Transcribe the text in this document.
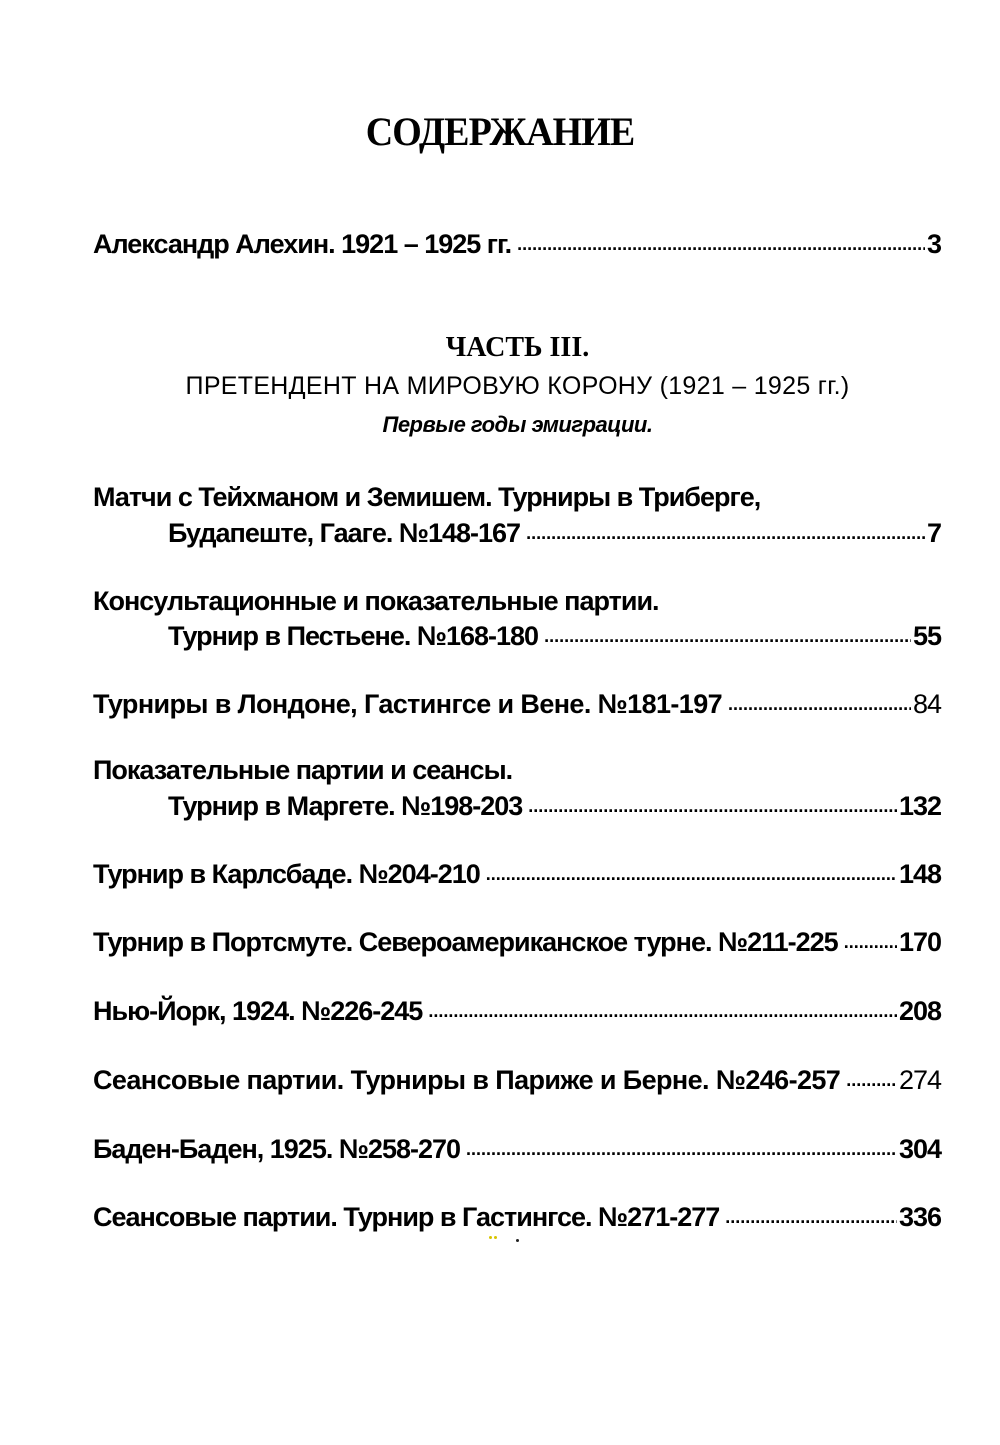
СОДЕРЖАНИЕ
Александр Алехин. 1921 – 1925 гг. .....	3
ЧАСТЬ III.
ПРЕТЕНДЕНТ НА МИРОВУЮ КОРОНУ (1921 – 1925 гг.)
Первые годы эмиграции.
Матчи с Тейхманом и Земишем. Турниры в Триберге,
Будапеште, Гааге. №148-167 .....	7
Консультационные и показательные партии.
Турнир в Пестьене. №168-180 .....	55
Турниры в Лондоне, Гастингсе и Вене. №181-197 .....	84
Показательные партии и сеансы.
Турнир в Маргете. №198-203 .....	132
Турнир в Карлсбаде. №204-210 .....	148
Турнир в Портсмуте. Североамериканское турне. №211-225 ..... 170
Нью-Йорк, 1924. №226-245 .....	208
Сеансовые партии. Турниры в Париже и Берне. №246-257 ..... 274
Баден-Баден, 1925. №258-270 .....	304
Сеансовые партии. Турнир в Гастингсе. №271-277 .....	336
